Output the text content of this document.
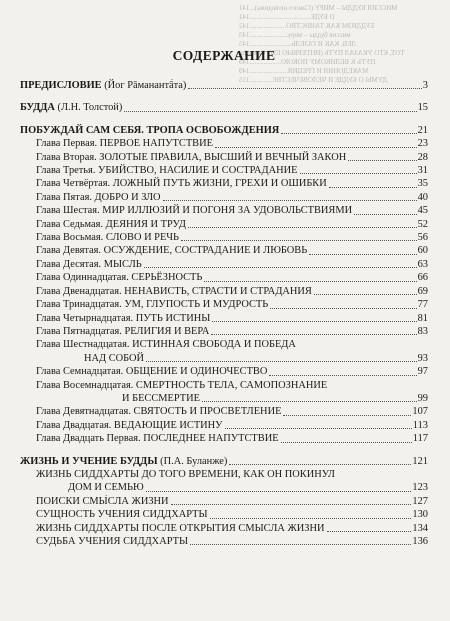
МИССИЯ БУДДЫ – МИРУ (Самого нелюдима)...141
О БУДЕ...................................141
БУДДИЗМ КАК ТАИНСТВО.....................142
миссия будды – миру......................143
ЛЕВ, КАК И ГАЗЕЛЬ........................145
ТОТ, КТО УКАЗАЛ ПУТЬ (ИНТЕРВЬЮ ЕГО Святейш
ПУТЬ К ВЕЛИКОМУ ПОКОЮ..................149
МАКЕДОНИЯ И ГРЕЦИЯ......................149
ДУМЫ О БУДДЕ И ЧЕЛОВЕЧЕСТВЕ.............155
СОДЕРЖАНИЕ
ПРЕДИСЛОВИЕ (Йог Рāманантā́та)	3
БУДДА (Л.Н. Толстой)	15
ПОБУЖДАЙ САМ СЕБЯ. ТРОПА ОСВОБОЖДЕНИЯ	21
Глава Первая. ПЕРВОЕ НАПУТСТВИЕ	23
Глава Вторая. ЗОЛОТЫЕ ПРАВИЛА, ВЫСШИЙ И ВЕЧНЫЙ ЗАКОН	28
Глава Третья. УБИЙСТВО, НАСИЛИЕ И СОСТРАДАНИЕ	31
Глава Четвёртая. ЛОЖНЫЙ ПУТЬ ЖИЗНИ, ГРЕХИ И ОШИБКИ	35
Глава Пятая. ДОБРО И ЗЛО	40
Глава Шестая. МИР ИЛЛЮЗИЙ И ПОГОНЯ ЗА УДОВОЛЬСТВИЯМИ	45
Глава Седьмая. ДЕЯНИЯ И ТРУД	52
Глава Восьмая. СЛОВО И РЕЧЬ	56
Глава Девятая. ОСУЖДЕНИЕ, СОСТРАДАНИЕ И ЛЮБОВЬ	60
Глава Десятая. МЫСЛЬ	63
Глава Одиннадцатая. СЕРЬЁЗНОСТЬ	66
Глава Двенадцатая. НЕНАВИСТЬ, СТРАСТИ И СТРАДАНИЯ	69
Глава Тринадцатая. УМ, ГЛУПОСТЬ И МУДРОСТЬ	77
Глава Четырнадцатая. ПУТЬ ИСТИНЫ	81
Глава Пятнадцатая. РЕЛИГИЯ И ВЕРА	83
Глава Шестнадцатая. ИСТИННАЯ СВОБОДА И ПОБЕДА
НАД СОБОЙ	93
Глава Семнадцатая. ОБЩЕНИЕ И ОДИНОЧЕСТВО	97
Глава Восемнадцатая. СМЕРТНОСТЬ ТЕЛА, САМОПОЗНАНИЕ
И БЕССМЕРТИЕ	99
Глава Девятнадцатая. СВЯТОСТЬ И ПРОСВЕТЛЕНИЕ	107
Глава Двадцатая. ВЕДАЮЩИЕ ИСТИНУ	113
Глава Двадцать Первая. ПОСЛЕДНЕЕ НАПУТСТВИЕ	117
ЖИЗНЬ И УЧЕНИЕ БУДДЫ (П.А. Буланже)	121
ЖИЗНЬ СИДДХАРТЫ ДО ТОГО ВРЕМЕНИ, КАК ОН ПОКИНУЛ
ДОМ И СЕМЬЮ	123
ПОИСКИ СМЫ́СЛА ЖИЗНИ	127
СУЩНОСТЬ УЧЕНИЯ СИДДХАРТЫ	130
ЖИЗНЬ СИДДХАРТЫ ПОСЛЕ ОТКРЫТИЯ СМЫСЛА ЖИЗНИ	134
СУДЬБА УЧЕНИЯ СИДДХАРТЫ	136
